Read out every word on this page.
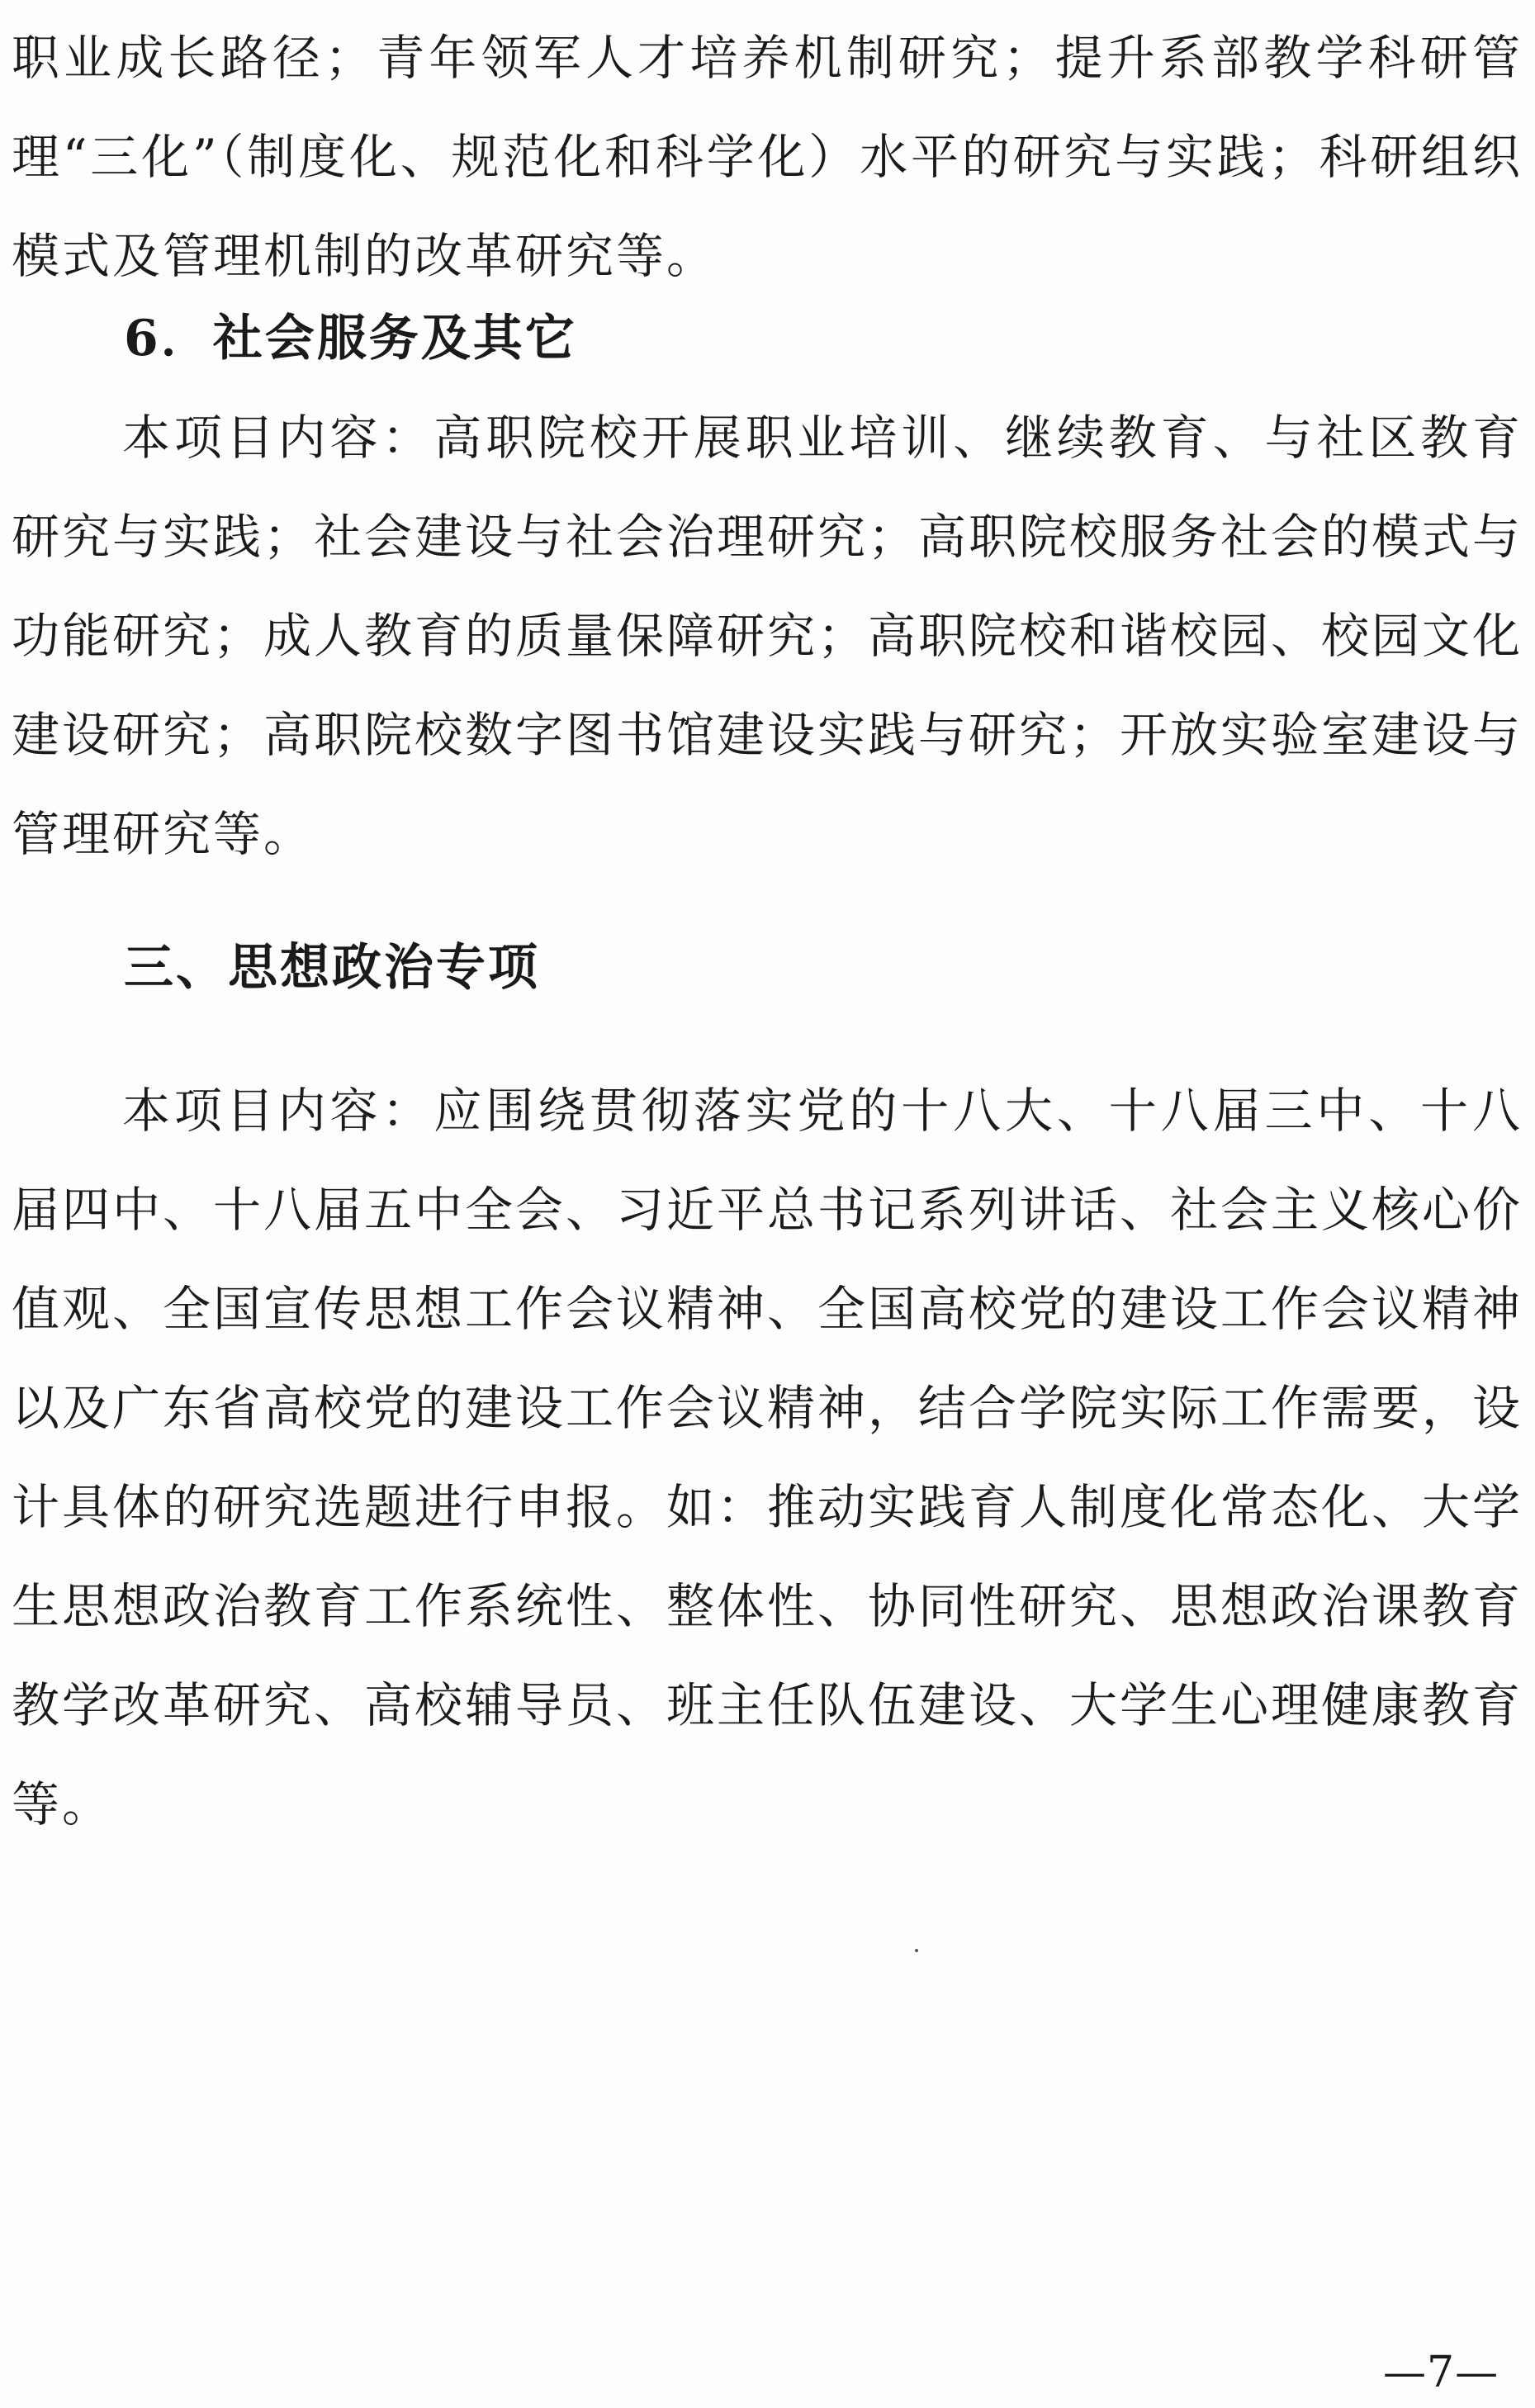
职业成长路径；青年领军人才培养机制研究；提升系部教学科研管理“三化”（制度化、规范化和科学化）水平的研究与实践；科研组织模式及管理机制的改革研究等。

6．社会服务及其它

本项目内容：高职院校开展职业培训、继续教育、与社区教育研究与实践；社会建设与社会治理研究；高职院校服务社会的模式与功能研究；成人教育的质量保障研究；高职院校和谐校园、校园文化建设研究；高职院校数字图书馆建设实践与研究；开放实验室建设与管理研究等。

三、思想政治专项

本项目内容：应围绕贯彻落实党的十八大、十八届三中、十八届四中、十八届五中全会、习近平总书记系列讲话、社会主义核心价值观、全国宣传思想工作会议精神、全国高校党的建设工作会议精神以及广东省高校党的建设工作会议精神，结合学院实际工作需要，设计具体的研究选题进行申报。如：推动实践育人制度化常态化、大学生思想政治教育工作系统性、整体性、协同性研究、思想政治课教育教学改革研究、高校辅导员、班主任队伍建设、大学生心理健康教育等。

—7—
